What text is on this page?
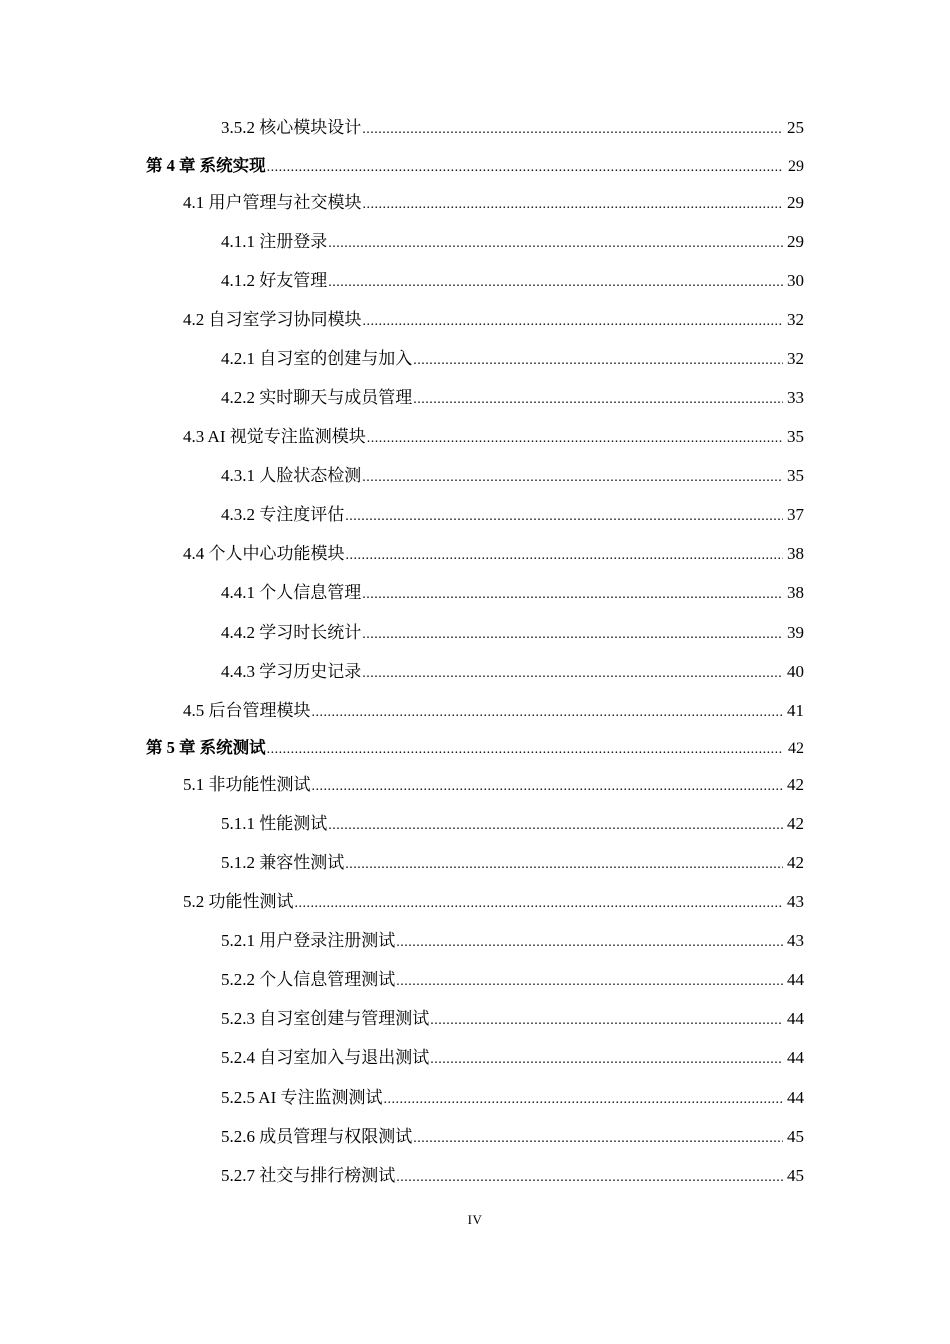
3.5.2 核心模块设计 .....	25
第 4 章 系统实现 .....	29
4.1 用户管理与社交模块 .....	29
4.1.1 注册登录 .....	29
4.1.2 好友管理 .....	30
4.2 自习室学习协同模块 .....	32
4.2.1 自习室的创建与加入 .....	32
4.2.2 实时聊天与成员管理 .....	33
4.3 AI 视觉专注监测模块 .....	35
4.3.1 人脸状态检测 .....	35
4.3.2 专注度评估 .....	37
4.4 个人中心功能模块 .....	38
4.4.1 个人信息管理 .....	38
4.4.2 学习时长统计 .....	39
4.4.3 学习历史记录 .....	40
4.5 后台管理模块 .....	41
第 5 章 系统测试 .....	42
5.1 非功能性测试 .....	42
5.1.1 性能测试 .....	42
5.1.2 兼容性测试 .....	42
5.2 功能性测试 .....	43
5.2.1 用户登录注册测试 .....	43
5.2.2 个人信息管理测试 .....	44
5.2.3 自习室创建与管理测试 .....	44
5.2.4 自习室加入与退出测试 .....	44
5.2.5 AI 专注监测测试 .....	44
5.2.6 成员管理与权限测试 .....	45
5.2.7 社交与排行榜测试 .....	45
IV
